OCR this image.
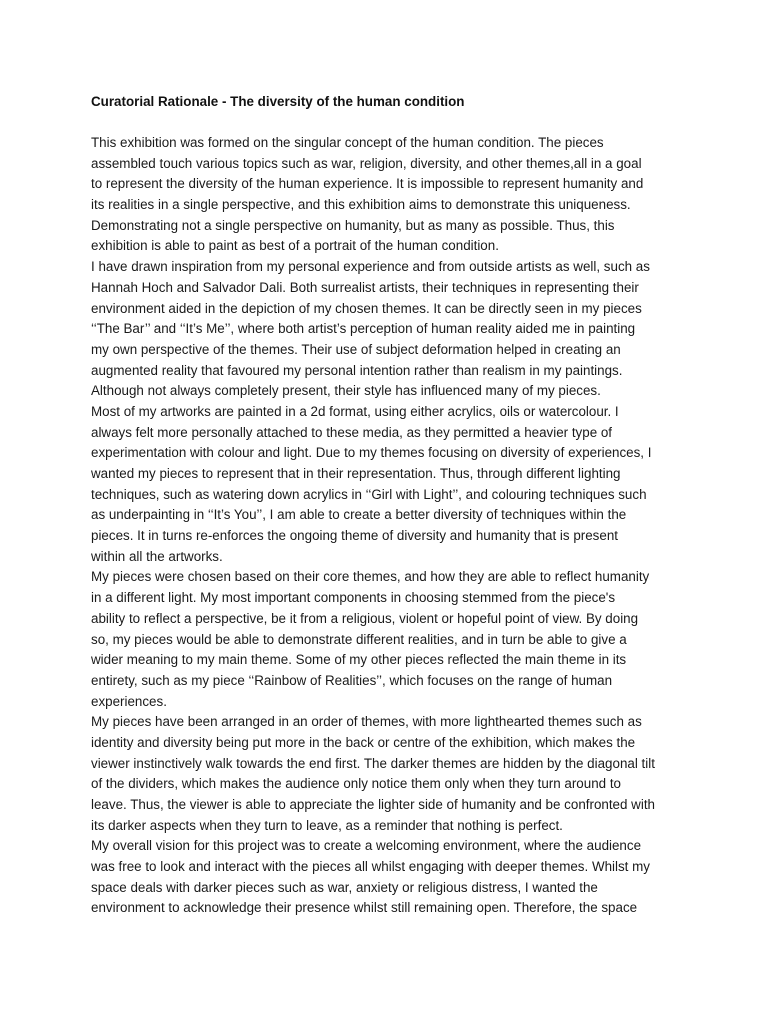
Curatorial Rationale - The diversity of the human condition
This exhibition was formed on the singular concept of the human condition. The pieces
assembled touch various topics such as war, religion, diversity, and other themes,all in a goal
to represent the diversity of the human experience. It is impossible to represent humanity and
its realities in a single perspective, and this exhibition aims to demonstrate this uniqueness.
Demonstrating not a single perspective on humanity, but as many as possible. Thus, this
exhibition is able to paint as best of a portrait of the human condition.
I have drawn inspiration from my personal experience and from outside artists as well, such as
Hannah Hoch and Salvador Dali. Both surrealist artists, their techniques in representing their
environment aided in the depiction of my chosen themes. It can be directly seen in my pieces
‘‘The Bar’’ and ‘‘It’s Me’’, where both artist’s perception of human reality aided me in painting
my own perspective of the themes. Their use of subject deformation helped in creating an
augmented reality that favoured my personal intention rather than realism in my paintings.
Although not always completely present, their style has influenced many of my pieces.
Most of my artworks are painted in a 2d format, using either acrylics, oils or watercolour. I
always felt more personally attached to these media, as they permitted a heavier type of
experimentation with colour and light. Due to my themes focusing on diversity of experiences, I
wanted my pieces to represent that in their representation. Thus, through different lighting
techniques, such as watering down acrylics in ‘‘Girl with Light’’, and colouring techniques such
as underpainting in ‘‘It’s You’’, I am able to create a better diversity of techniques within the
pieces. It in turns re-enforces the ongoing theme of diversity and humanity that is present
within all the artworks.
My pieces were chosen based on their core themes, and how they are able to reflect humanity
in a different light. My most important components in choosing stemmed from the piece's
ability to reflect a perspective, be it from a religious, violent or hopeful point of view. By doing
so, my pieces would be able to demonstrate different realities, and in turn be able to give a
wider meaning to my main theme. Some of my other pieces reflected the main theme in its
entirety, such as my piece ‘‘Rainbow of Realities’’, which focuses on the range of human
experiences.
My pieces have been arranged in an order of themes, with more lighthearted themes such as
identity and diversity being put more in the back or centre of the exhibition, which makes the
viewer instinctively walk towards the end first. The darker themes are hidden by the diagonal tilt
of the dividers, which makes the audience only notice them only when they turn around to
leave. Thus, the viewer is able to appreciate the lighter side of humanity and be confronted with
its darker aspects when they turn to leave, as a reminder that nothing is perfect.
My overall vision for this project was to create a welcoming environment, where the audience
was free to look and interact with the pieces all whilst engaging with deeper themes. Whilst my
space deals with darker pieces such as war, anxiety or religious distress, I wanted the
environment to acknowledge their presence whilst still remaining open. Therefore, the space
